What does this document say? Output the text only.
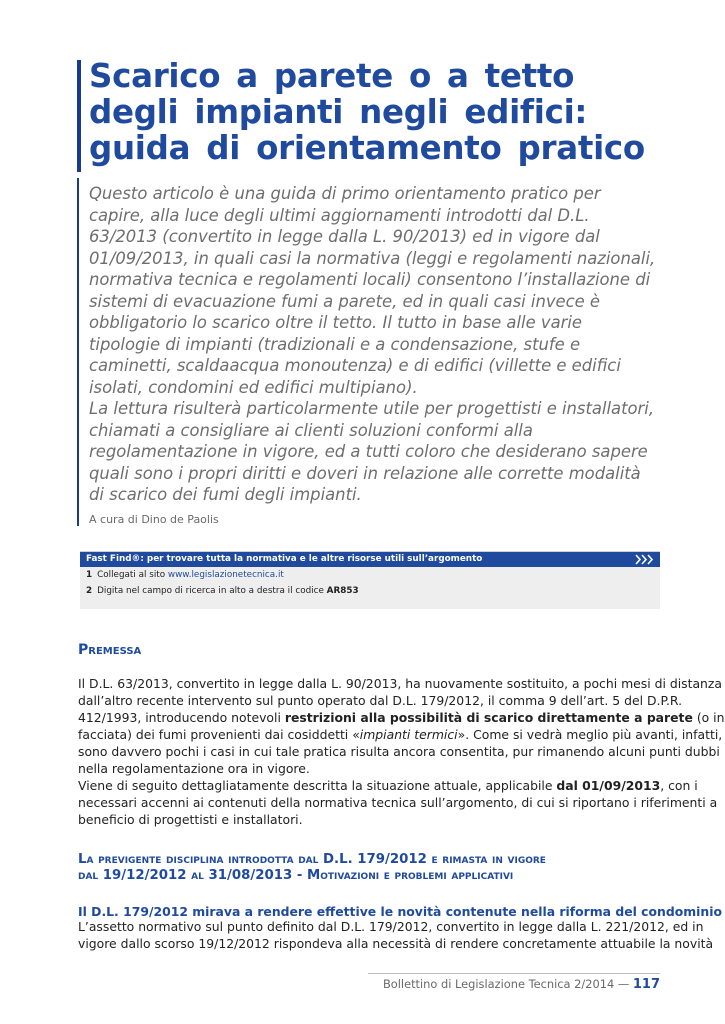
Scarico a parete o a tetto
degli impianti negli edifici:
guida di orientamento pratico

Questo articolo è una guida di primo orientamento pratico per
capire, alla luce degli ultimi aggiornamenti introdotti dal D.L.
63/2013 (convertito in legge dalla L. 90/2013) ed in vigore dal
01/09/2013, in quali casi la normativa (leggi e regolamenti nazionali,
normativa tecnica e regolamenti locali) consentono l’installazione di
sistemi di evacuazione fumi a parete, ed in quali casi invece è
obbligatorio lo scarico oltre il tetto. Il tutto in base alle varie
tipologie di impianti (tradizionali e a condensazione, stufe e
caminetti, scaldaacqua monoutenza) e di edifici (villette e edifici
isolati, condomini ed edifici multipiano).
La lettura risulterà particolarmente utile per progettisti e installatori,
chiamati a consigliare ai clienti soluzioni conformi alla
regolamentazione in vigore, ed a tutti coloro che desiderano sapere
quali sono i propri diritti e doveri in relazione alle corrette modalità
di scarico dei fumi degli impianti.

A cura di Dino de Paolis
Fast Find®: per trovare tutta la normativa e le altre risorse utili sull’argomento
1 Collegati al sito www.legislazionetecnica.it
2 Digita nel campo di ricerca in alto a destra il codice AR853
Premessa
Il D.L. 63/2013, convertito in legge dalla L. 90/2013, ha nuovamente sostituito, a pochi mesi di distanza
dall’altro recente intervento sul punto operato dal D.L. 179/2012, il comma 9 dell’art. 5 del D.P.R.
412/1993, introducendo notevoli restrizioni alla possibilità di scarico direttamente a parete (o in
facciata) dei fumi provenienti dai cosiddetti «impianti termici». Come si vedrà meglio più avanti, infatti,
sono davvero pochi i casi in cui tale pratica risulta ancora consentita, pur rimanendo alcuni punti dubbi
nella regolamentazione ora in vigore.
Viene di seguito dettagliatamente descritta la situazione attuale, applicabile dal 01/09/2013, con i
necessari accenni ai contenuti della normativa tecnica sull’argomento, di cui si riportano i riferimenti a
beneficio di progettisti e installatori.
La previgente disciplina introdotta dal D.L. 179/2012 e rimasta in vigore
dal 19/12/2012 al 31/08/2013 - Motivazioni e problemi applicativi
Il D.L. 179/2012 mirava a rendere effettive le novità contenute nella riforma del condominio
L’assetto normativo sul punto definito dal D.L. 179/2012, convertito in legge dalla L. 221/2012, ed in
vigore dallo scorso 19/12/2012 rispondeva alla necessità di rendere concretamente attuabile la novità
Bollettino di Legislazione Tecnica 2/2014 — 117
